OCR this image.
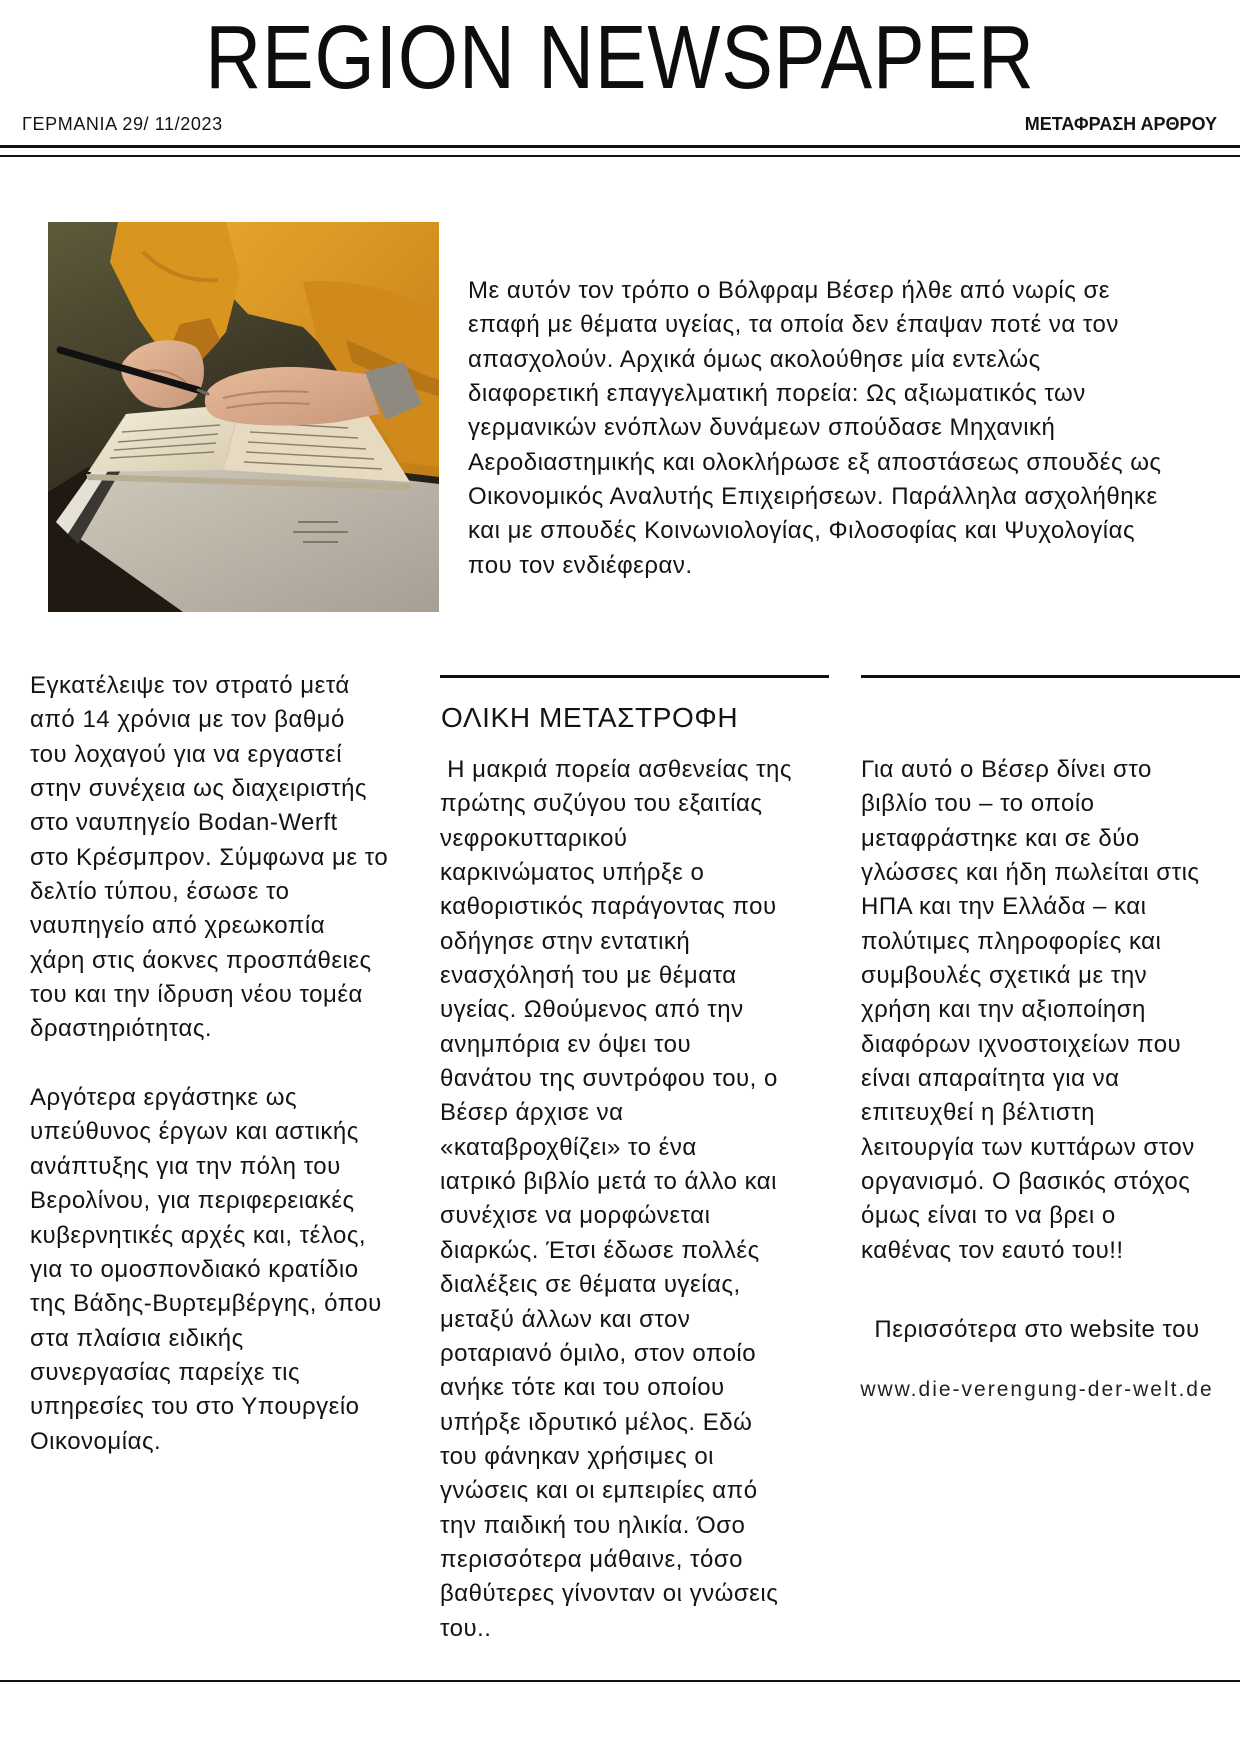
REGION NEWSPAPER
ΓΕΡΜΑΝΙΑ 29/ 11/2023	ΜΕΤΑΦΡΑΣΗ ΑΡΘΡΟΥ
Με αυτόν τον τρόπο ο Βόλφραμ Βέσερ ήλθε από νωρίς σε
επαφή με θέματα υγείας, τα οποία δεν έπαψαν ποτέ να τον
απασχολούν. Αρχικά όμως ακολούθησε μία εντελώς
διαφορετική επαγγελματική πορεία: Ως αξιωματικός των
γερμανικών ενόπλων δυνάμεων σπούδασε Μηχανική
Αεροδιαστημικής και ολοκλήρωσε εξ αποστάσεως σπουδές ως
Οικονομικός Αναλυτής Επιχειρήσεων. Παράλληλα ασχολήθηκε
και με σπουδές Κοινωνιολογίας, Φιλοσοφίας και Ψυχολογίας
που τον ενδιέφεραν.
Εγκατέλειψε τον στρατό μετά
από 14 χρόνια με τον βαθμό
του λοχαγού για να εργαστεί
στην συνέχεια ως διαχειριστής
στο ναυπηγείο Bodan-Werft
στο Κρέσμπρον. Σύμφωνα με το
δελτίο τύπου, έσωσε το
ναυπηγείο από χρεωκοπία
χάρη στις άοκνες προσπάθειες
του και την ίδρυση νέου τομέα
δραστηριότητας.
Αργότερα εργάστηκε ως
υπεύθυνος έργων και αστικής
ανάπτυξης για την πόλη του
Βερολίνου, για περιφερειακές
κυβερνητικές αρχές και, τέλος,
για το ομοσπονδιακό κρατίδιο
της Βάδης-Βυρτεμβέργης, όπου
στα πλαίσια ειδικής
συνεργασίας παρείχε τις
υπηρεσίες του στο Υπουργείο
Οικονομίας.
ΟΛΙΚΗ ΜΕΤΑΣΤΡΟΦΗ
Η μακριά πορεία ασθενείας της
πρώτης συζύγου του εξαιτίας
νεφροκυτταρικού
καρκινώματος υπήρξε ο
καθοριστικός παράγοντας που
οδήγησε στην εντατική
ενασχόλησή του με θέματα
υγείας. Ωθούμενος από την
ανημπόρια εν όψει του
θανάτου της συντρόφου του, ο
Βέσερ άρχισε να
«καταβροχθίζει» το ένα
ιατρικό βιβλίο μετά το άλλο και
συνέχισε να μορφώνεται
διαρκώς. Έτσι έδωσε πολλές
διαλέξεις σε θέματα υγείας,
μεταξύ άλλων και στον
ροταριανό όμιλο, στον οποίο
ανήκε τότε και του οποίου
υπήρξε ιδρυτικό μέλος. Εδώ
του φάνηκαν χρήσιμες οι
γνώσεις και οι εμπειρίες από
την παιδική του ηλικία. Όσο
περισσότερα μάθαινε, τόσο
βαθύτερες γίνονταν οι γνώσεις
του..
Για αυτό ο Βέσερ δίνει στο
βιβλίο του – το οποίο
μεταφράστηκε και σε δύο
γλώσσες και ήδη πωλείται στις
ΗΠΑ και την Ελλάδα – και
πολύτιμες πληροφορίες και
συμβουλές σχετικά με την
χρήση και την αξιοποίηση
διαφόρων ιχνοστοιχείων που
είναι απαραίτητα για να
επιτευχθεί η βέλτιστη
λειτουργία των κυττάρων στον
οργανισμό. Ο βασικός στόχος
όμως είναι το να βρει ο
καθένας τον εαυτό του!!
Περισσότερα στο website του
www.die-verengung-der-welt.de
